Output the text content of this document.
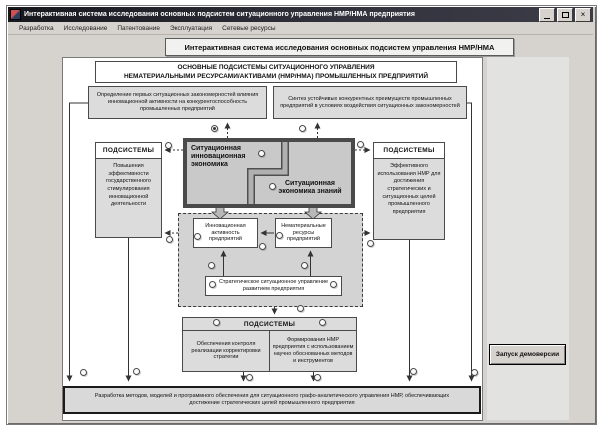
Интерактивная система исследования основных подсистем ситуационного управления НМР/НМА предприятия	×
Разработка Исследование Патентование Эксплуатация Сетевые ресурсы
Интерактивная система исследования основных подсистем управления НМР/НМА
ОСНОВНЫЕ ПОДСИСТЕМЫ СИТУАЦИОННОГО УПРАВЛЕНИЯ
НЕМАТЕРИАЛЬНЫМИ РЕСУРСАМИ/АКТИВАМИ (НМР/НМА) ПРОМЫШЛЕННЫХ ПРЕДПРИЯТИЙ
Определение первых ситуационных закономерностей влияния инновационной активности на конкурентоспособность промышленных предприятий
Синтез устойчивых конкурентных преимуществ промышленных предприятий в условиях воздействия ситуационных закономерностей
ПОДСИСТЕМЫ
Повышения эффективности государственного стимулирования инновационной деятельности
ПОДСИСТЕМЫ
Эффективного использования НМР для достижения стратегических и ситуационных целей промышленного предприятия
Ситуационная инновационная экономика
Ситуационная экономика знаний
Инновационная активность предприятий
Нематериальные ресурсы предприятий
Стратегическое ситуационное управление развитием предприятия
ПОДСИСТЕМЫ
Обеспечения контроля реализации корректировки стратегии
Формирования НМР предприятия с использованием научно обоснованных методов и инструментов
Разработка методов, моделей и программного обеспечения для ситуационного графо-аналитического управления НМР, обеспечивающих достижение стратегических целей промышленного предприятия
Запуск демоверсии
